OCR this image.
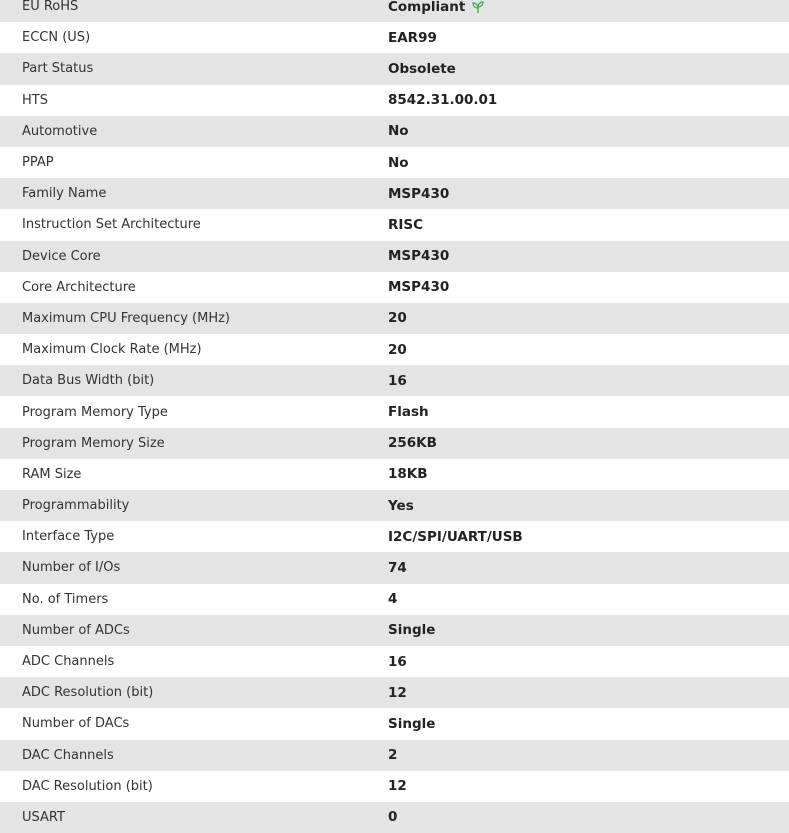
EU RoHS	Compliant
ECCN (US)	EAR99
Part Status	Obsolete
HTS	8542.31.00.01
Automotive	No
PPAP	No
Family Name	MSP430
Instruction Set Architecture	RISC
Device Core	MSP430
Core Architecture	MSP430
Maximum CPU Frequency (MHz)	20
Maximum Clock Rate (MHz)	20
Data Bus Width (bit)	16
Program Memory Type	Flash
Program Memory Size	256KB
RAM Size	18KB
Programmability	Yes
Interface Type	I2C/SPI/UART/USB
Number of I/Os	74
No. of Timers	4
Number of ADCs	Single
ADC Channels	16
ADC Resolution (bit)	12
Number of DACs	Single
DAC Channels	2
DAC Resolution (bit)	12
USART	0
